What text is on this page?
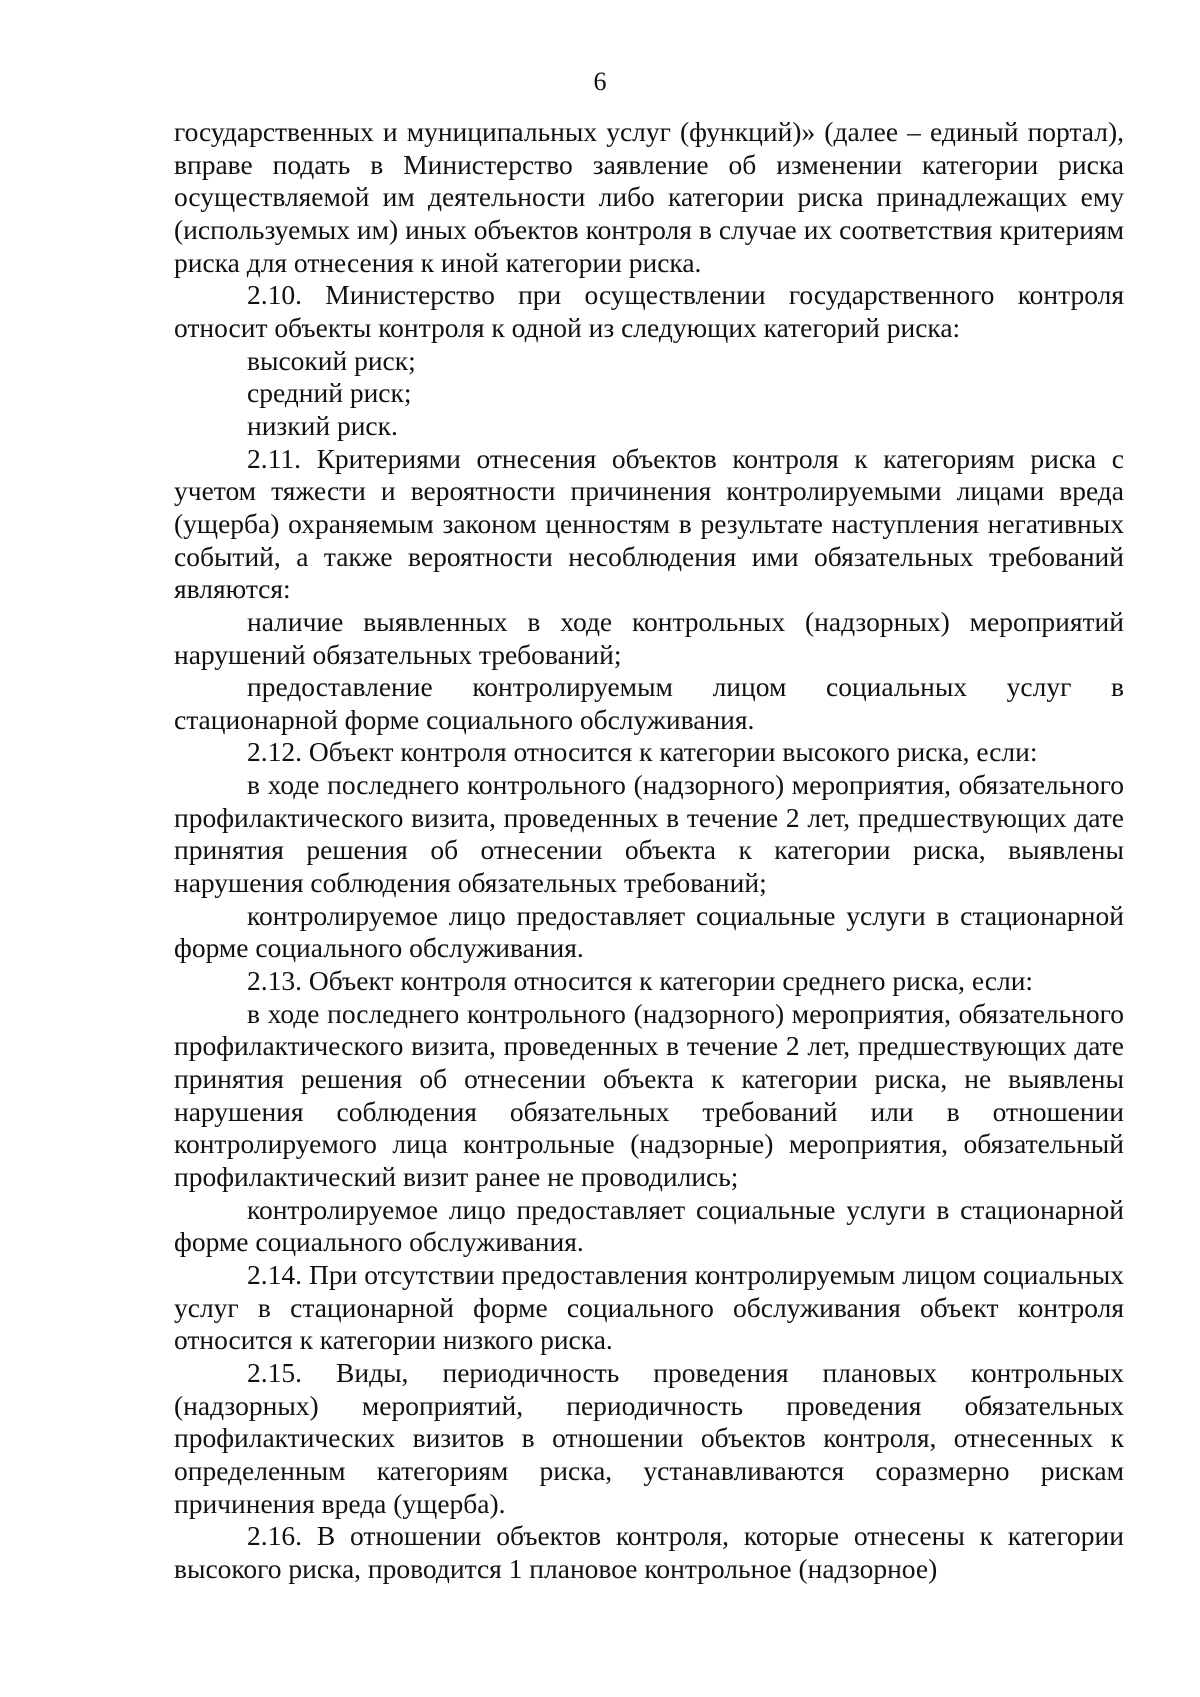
6

государственных и муниципальных услуг (функций)» (далее – единый портал), вправе подать в Министерство заявление об изменении категории риска осуществляемой им деятельности либо категории риска принадлежащих ему (используемых им) иных объектов контроля в случае их соответствия критериям риска для отнесения к иной категории риска.

2.10. Министерство при осуществлении государственного контроля относит объекты контроля к одной из следующих категорий риска:

высокий риск;

средний риск;

низкий риск.

2.11. Критериями отнесения объектов контроля к категориям риска с учетом тяжести и вероятности причинения контролируемыми лицами вреда (ущерба) охраняемым законом ценностям в результате наступления негативных событий, а также вероятности несоблюдения ими обязательных требований являются:

наличие выявленных в ходе контрольных (надзорных) мероприятий нарушений обязательных требований;

предоставление контролируемым лицом социальных услуг в стационарной форме социального обслуживания.

2.12. Объект контроля относится к категории высокого риска, если:

в ходе последнего контрольного (надзорного) мероприятия, обязательного профилактического визита, проведенных в течение 2 лет, предшествующих дате принятия решения об отнесении объекта к категории риска, выявлены нарушения соблюдения обязательных требований;

контролируемое лицо предоставляет социальные услуги в стационарной форме социального обслуживания.

2.13. Объект контроля относится к категории среднего риска, если:

в ходе последнего контрольного (надзорного) мероприятия, обязательного профилактического визита, проведенных в течение 2 лет, предшествующих дате принятия решения об отнесении объекта к категории риска, не выявлены нарушения соблюдения обязательных требований или в отношении контролируемого лица контрольные (надзорные) мероприятия, обязательный профилактический визит ранее не проводились;

контролируемое лицо предоставляет социальные услуги в стационарной форме социального обслуживания.

2.14. При отсутствии предоставления контролируемым лицом социальных услуг в стационарной форме социального обслуживания объект контроля относится к категории низкого риска.

2.15. Виды, периодичность проведения плановых контрольных (надзорных) мероприятий, периодичность проведения обязательных профилактических визитов в отношении объектов контроля, отнесенных к определенным категориям риска, устанавливаются соразмерно рискам причинения вреда (ущерба).

2.16. В отношении объектов контроля, которые отнесены к категории высокого риска, проводится 1 плановое контрольное (надзорное)
